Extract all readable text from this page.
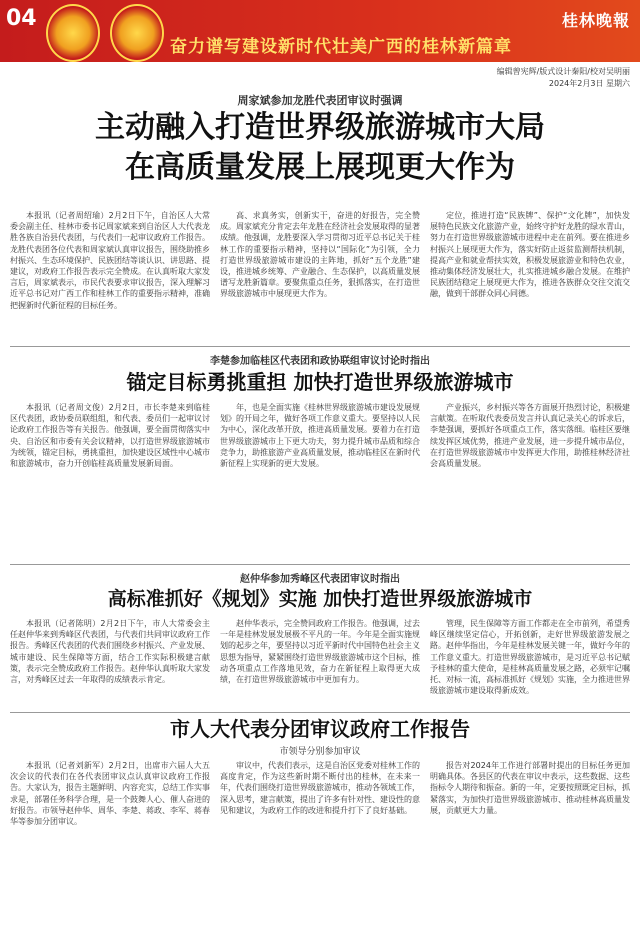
04	桂林晚報
奋力谱写建设新时代壮美广西的桂林新篇章
编辑曾宪辉/版式设计秦阳/校对吴明丽
2024年2月3日 星期六
周家斌参加龙胜代表团审议时强调
主动融入打造世界级旅游城市大局
在高质量发展上展现更大作为

本报讯（记者周绍瑜）2月2日下午，自治区人大常委会副主任、桂林市委书记周家斌来到自治区人大代表龙胜各族自治县代表团，与代表们一起审议政府工作报告。龙胜代表团各位代表和周家斌认真审议报告，围绕助推乡村振兴、生态环境保护、民族团结等谈认识、讲思路、提建议，对政府工作报告表示完全赞成。在认真听取大家发言后，周家斌表示，市民代表要求审议报告，深入理解习近平总书记对广西工作和桂林工作的重要指示精神，准确把握新时代新征程的目标任务。

高、求真务实，创新实干，奋进的好报告，完全赞成。周家斌充分肯定去年龙胜在经济社会发展取得的显著成绩。他强调，龙胜要深入学习贯彻习近平总书记关于桂林工作的重要指示精神，坚持以“国际化”为引领，全力打造世界级旅游城市建设的主阵地，抓好“五个龙胜”建设，推进城乡统筹、产业融合、生态保护，以高质量发展谱写龙胜新篇章。要聚焦重点任务，狠抓落实，在打造世界级旅游城市中展现更大作为。

定位，推进打造“民族牌”、保护“文化牌”，加快发展特色民族文化旅游产业，始终守护好龙胜的绿水青山，努力在打造世界级旅游城市进程中走在前列。要在推进乡村振兴上展现更大作为，落实好防止返贫监测帮扶机制，提高产业和就业帮扶实效，积极发展旅游业和特色农业，推动集体经济发展壮大，扎实推进城乡融合发展。在维护民族团结稳定上展现更大作为，推进各族群众交往交流交融，做到干部群众同心同德。

李楚参加临桂区代表团和政协联组审议讨论时指出
锚定目标勇挑重担 加快打造世界级旅游城市

本报讯（记者周文俊）2月2日，市长李楚来到临桂区代表团，政协委员联组组，和代表、委员们一起审议讨论政府工作报告等有关报告。他强调，要全面贯彻落实中央、自治区和市委有关会议精神，以打造世界级旅游城市为统领，锚定目标，勇挑重担，加快建设区域性中心城市和旅游城市，奋力开创临桂高质量发展新局面。

年，也是全面实施《桂林世界级旅游城市建设发展规划》的开局之年，做好各项工作意义重大。要坚持以人民为中心，深化改革开放，推进高质量发展。要着力在打造世界级旅游城市上下更大功夫，努力提升城市品质和综合竞争力，助推旅游产业高质量发展，推动临桂区在新时代新征程上实现新的更大发展。

产业振兴，乡村振兴等各方面展开热烈讨论，积极建言献策。在听取代表委员发言并认真记录关心的诉求后，李楚强调，要抓好各项重点工作，落实落细。临桂区要继续发挥区域优势，推进产业发展，进一步提升城市品位，在打造世界级旅游城市中发挥更大作用，助推桂林经济社会高质量发展。

赵仲华参加秀峰区代表团审议时指出
高标准抓好《规划》实施 加快打造世界级旅游城市

本报讯（记者陈明）2月2日下午，市人大常委会主任赵仲华来到秀峰区代表团，与代表们共同审议政府工作报告。秀峰区代表团的代表们围绕乡村振兴、产业发展、城市建设、民生保障等方面，结合工作实际积极建言献策，表示完全赞成政府工作报告。赵仲华认真听取大家发言，对秀峰区过去一年取得的成绩表示肯定。

赵仲华表示，完全赞同政府工作报告。他强调，过去一年是桂林发展发展极不平凡的一年。今年是全面实施规划的起步之年，要坚持以习近平新时代中国特色社会主义思想为指导，紧紧围绕打造世界级旅游城市这个目标，推动各项重点工作落地见效，奋力在新征程上取得更大成绩，在打造世界级旅游城市中更加有力。

管理，民生保障等方面工作都走在全市前列，希望秀峰区继续坚定信心，开拓创新，走好世界级旅游发展之路。赵仲华指出，今年是桂林发展关键一年，做好今年的工作意义重大。打造世界级旅游城市，是习近平总书记赋予桂林的重大使命，是桂林高质量发展之路，必须牢记嘱托、对标一流，高标准抓好《规划》实施，全力推进世界级旅游城市建设取得新成效。

市人大代表分团审议政府工作报告
市领导分别参加审议

本报讯（记者刘新军）2月2日，出席市六届人大五次会议的代表们在各代表团审议点认真审议政府工作报告。大家认为，报告主题鲜明、内容充实，总结工作实事求是，部署任务科学合理，是一个鼓舞人心、催人奋进的好报告。市领导赵仲华、周华、李楚、蒋政、李军、蒋春华等参加分团审议。

审议中，代表们表示，这是自治区党委对桂林工作的高度肯定，作为这些新时期不断付出的桂林，在未来一年，代表们围绕打造世界级旅游城市，推动各领域工作，深入思考，建言献策，提出了许多有针对性、建设性的意见和建议，为政府工作的改进和提升打下了良好基础。

报告对2024年工作进行部署时提出的目标任务更加明确具体。各县区的代表在审议中表示，这些数据、这些指标令人期待和振奋。新的一年，定要按照既定目标，抓紧落实，为加快打造世界级旅游城市、推动桂林高质量发展，贡献更大力量。
